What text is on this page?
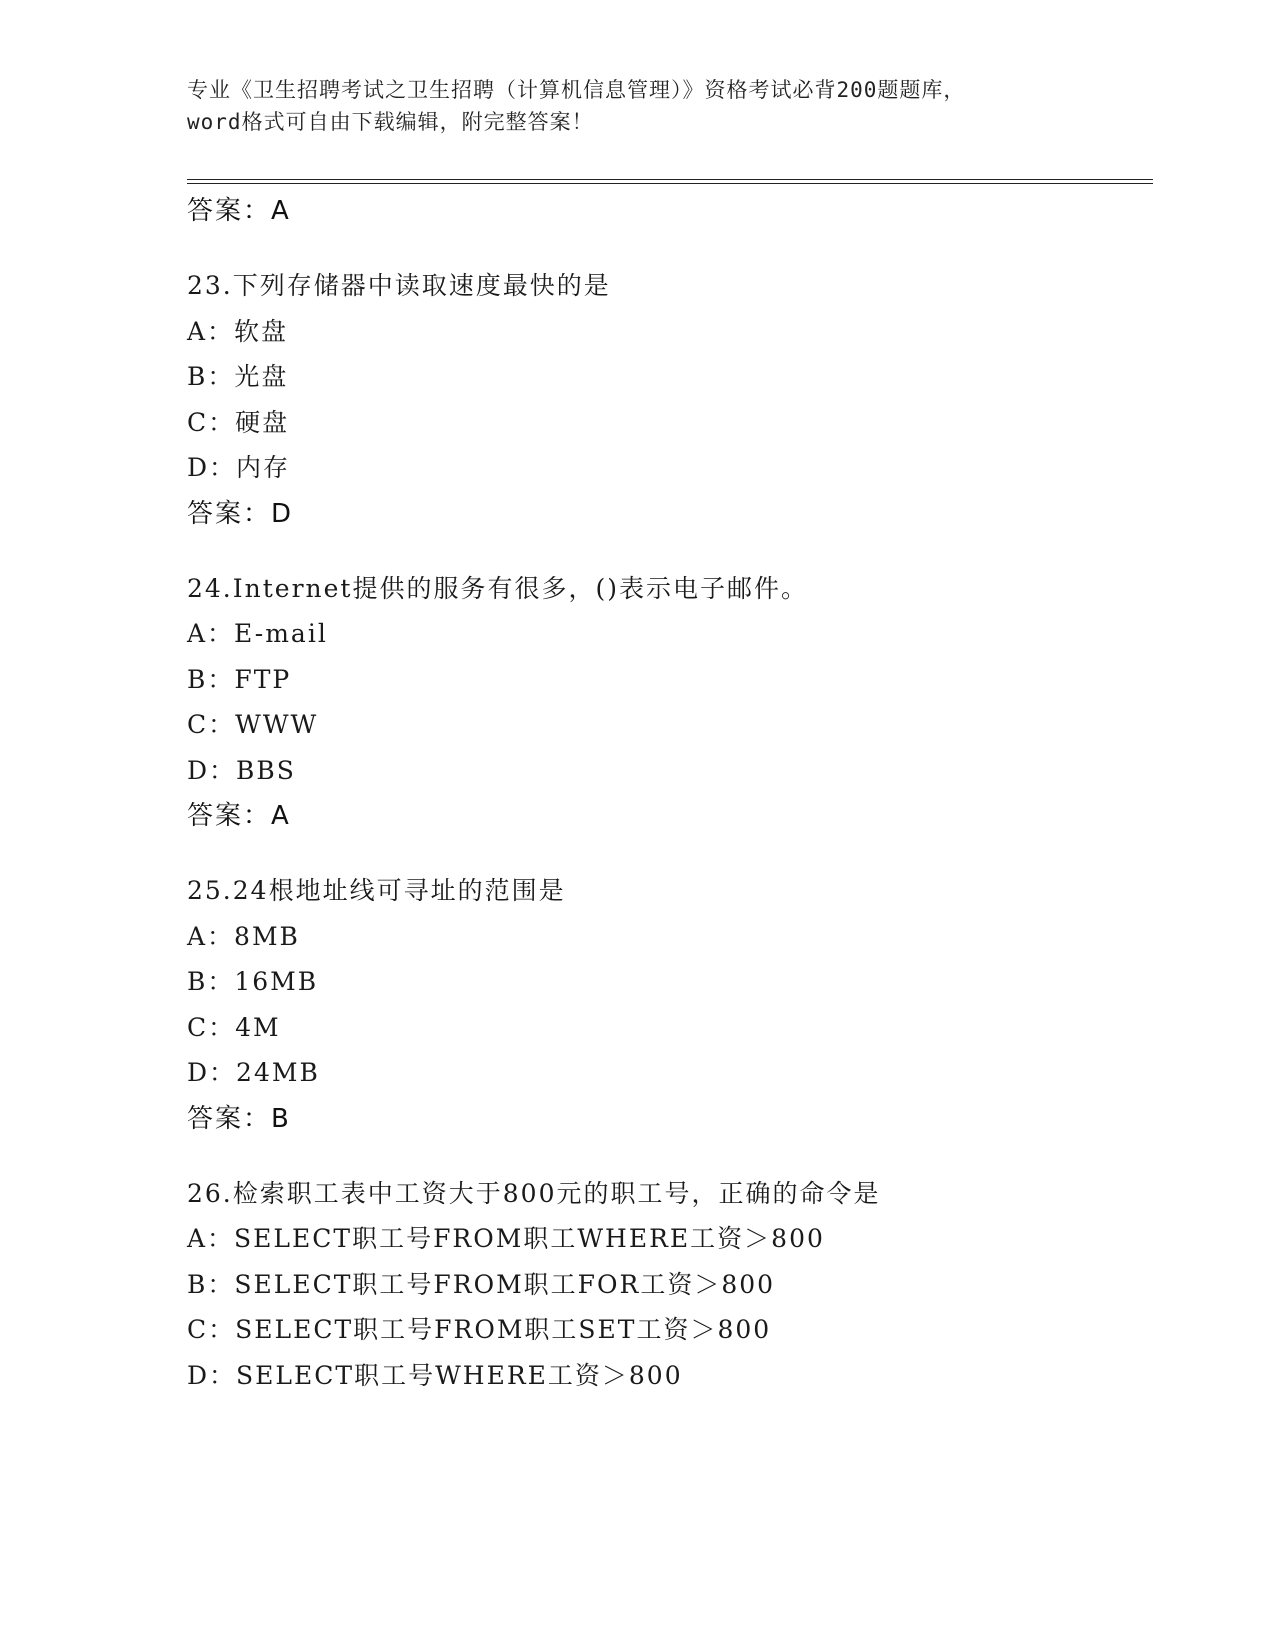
专业《卫生招聘考试之卫生招聘（计算机信息管理）》资格考试必背200题题库，
word格式可自由下载编辑，附完整答案！
答案：A
23.下列存储器中读取速度最快的是
A：软盘
B：光盘
C：硬盘
D：内存
答案：D
24.Internet提供的服务有很多，()表示电子邮件。
A：E-mail
B：FTP
C：WWW
D：BBS
答案：A
25.24根地址线可寻址的范围是
A：8MB
B：16MB
C：4M
D：24MB
答案：B
26.检索职工表中工资大于800元的职工号，正确的命令是
A：SELECT职工号FROM职工WHERE工资＞800
B：SELECT职工号FROM职工FOR工资＞800
C：SELECT职工号FROM职工SET工资＞800
D：SELECT职工号WHERE工资＞800
